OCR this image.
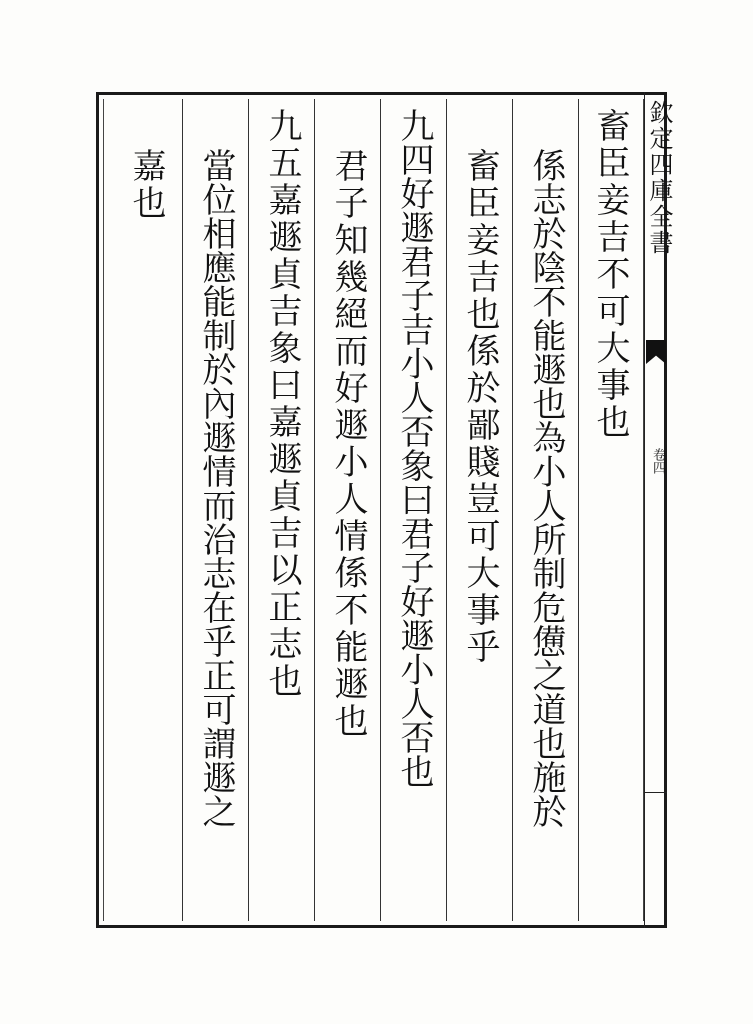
畜臣妾吉不可大事也
係志於陰不能遯也為小人所制危憊之道也施於
畜臣妾吉也係於鄙賤豈可大事乎
九四好遯君子吉小人否象曰君子好遯小人否也
君子知幾絕而好遯小人情係不能遯也
九五嘉遯貞吉象曰嘉遯貞吉以正志也
當位相應能制於內遯情而治志在乎正可謂遯之
嘉也	欽定四庫全書
卷四
